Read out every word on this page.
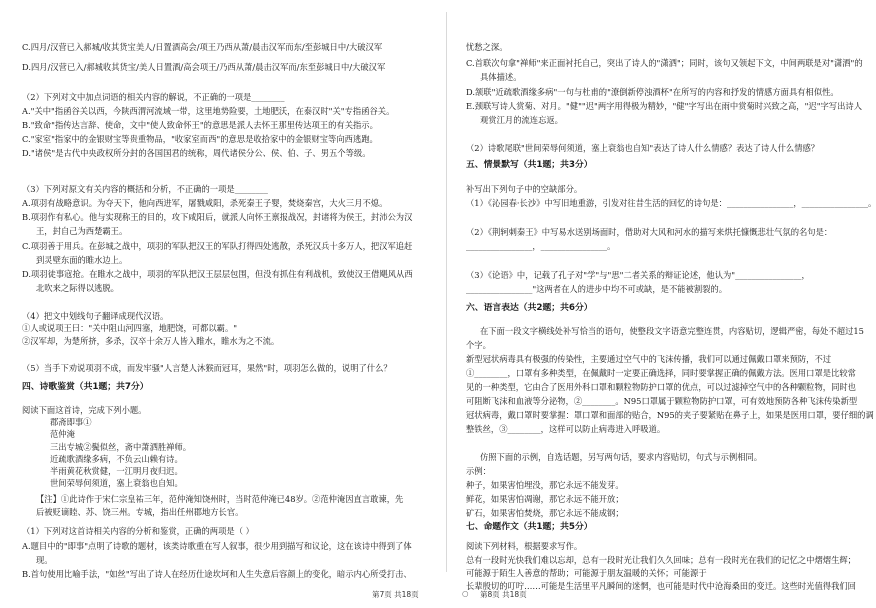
C.四月/汉营已入郝城/收其货宝美人/日置酒高会/项王乃西从萧/晨击汉军而东/至彭城日中/大破汉军
D.四月/汉营已入/郝城收其货宝/美人日置酒/高会项王/乃西从萧/晨击汉军而/东至彭城日中/大破汉军
（2）下列对文中加点词语的相关内容的解说，不正确的一项是________
A."关中"指函谷关以西，今陕西渭河流域一带，这里地势险要，土地肥沃，在泰汉时"关"专指函谷关。
B."致命"指传达言辞、使命，文中"使人致命怀王"的意思是派人去怀王那里传达项王的有关指示。
C."家室"指家中的金银财宝等贵重物品，"收家室而西"的意思是收拾家中的金银财宝等向西逃跑。
D."诸侯"是古代中央政权所分封的各国国君的统称，周代诸侯分公、侯、伯、子、男五个等级。
（3）下列对原文有关内容的概括和分析，不正确的一项是________
A.项羽有战略意识。为夺天下，他向西进军，屠戮咸阳，杀死秦王子婴，焚烧秦宫，大火三月不熄。
B.项羽作有私心。他与实现称王的目的，攻下咸阳后，就派人向怀王禀报战况，封诸将为侯王，封沛公为汉
王，封自己为西楚霸王。
C.项羽善于用兵。在彭城之战中，项羽的军队把汉王的军队打得四处逃散，杀死汉兵十多万人，把汉军追赶
到灵壁东面的睢水边上。
D.项羽徒事寇抢。在睢水之战中，项羽的军队把汉王层层包围，但没有抓住有利战机，致使汉王借飓风从西
北吹来之际得以逃脱。
（4）把文中划线句子翻译成现代汉语。
①人或说项王曰："关中阻山河四塞，地肥饶，可都以霸。"
②汉军却，为楚所挤，多杀，汉卒十余万人皆入睢水，睢水为之不流。
（5）当手下劝说项羽不成，而发牢骚"人言楚人沐猴而冠耳，果然"时，项羽怎么做的，说明了什么？
四、诗歌鉴赏（共1题；共7分）
阅读下面这首诗，完成下列小题。
郡斋即事①
范仲淹
三出专城②鬓似丝，斋中萧洒胜禅师。
近疏歌酒缘多病，不负云山赖有诗。
半雨黄花秋赏健，一江明月夜归迟。
世间荣辱何须道，塞上衰翁也自知。
【注】①此诗作于宋仁宗皇祐三年，范仲淹知饶州时，当时范仲淹已48岁。②范仲淹因直言敢谏，先
后被贬谪睦、苏、饶三州。专城，指出任州郡地方长官。
（1）下列对这首诗相关内容的分析和鉴赏，正确的两项是（ ）
A.题目中的"即事"点明了诗歌的题材，该类诗歌重在写人叙事，很少用到描写和议论，这在该诗中得到了体
现。
B.首句使用比喻手法，"如丝"写出了诗人在经历仕途坎坷和人生失意后容颜上的变化，暗示内心所受打击、
忧愁之深。
C.首联次句拿"禅师"来正面衬托自己，突出了诗人的"潇洒"；同时，该句又领起下文，中间两联是对"潇洒"的
具体描述。
D.颔联"近疏歌酒缘多病"一句与杜甫的"潦倒新停浊酒杯"在所写的内容和抒发的情感方面具有相似性。
E.颈联写诗人赏菊、对月。"健""迟"两字用得极为精妙，"健"字写出在雨中赏菊时兴致之高，"迟"字写出诗人
观赏江月的流连忘返。
（2）诗歌尾联"世间荣辱何须道，塞上衰翁也自知"表达了诗人什么情感？表达了诗人什么情感？
五、情景默写（共1题；共3分）
补写出下列句子中的空缺部分。
（1）《沁园春·长沙》中写旧地重游，引发对往昔生活的回忆的诗句是：________________，________________。
（2）《荆轲刺秦王》中写易水送别场面时，借助对大风和河水的描写来烘托慷慨悲壮气氛的名句是：
________________，________________。
（3）《论语》中，记载了孔子对"学"与"思"二者关系的辩证论述，他认为"________________，
________________"这两者在人的进步中均不可或缺，是不能被割裂的。
六、语言表达（共2题；共6分）
在下面一段文字横线处补写恰当的语句，使整段文字语意完整连贯，内容贴切，逻辑严密，每处不超过15
个字。
新型冠状病毒具有极强的传染性，主要通过空气中的飞沫传播，我们可以通过佩戴口罩来预防，不过
①________，口罩有多种类型，在佩戴时一定要正确选择，同时要掌握正确的佩戴方法。医用口罩是比较常
见的一种类型，它由合了医用外科口罩和颗粒物防护口罩的优点，可以过滤掉空气中的各种颗粒物，同时也
可阻断飞沫和血液等分泌物，②________。N95口罩属于颗粒物防护口罩，可有效地预防各种飞沫传染新型
冠状病毒，戴口罩时要掌握：罩口罩和面部的贴合，N95的夹子要紧贴在鼻子上，如果是医用口罩，要仔细的调
整铁丝，③________，这样可以防止病毒进入呼吸道。
仿照下面的示例，自选话题，另写两句话，要求内容贴切，句式与示例相同。
示例：
种子，如果害怕埋没，那它永远不能发芽。
鲜花，如果害怕凋谢，那它永远不能开放；
矿石，如果害怕焚烧，那它永远不能成钢；
七、命题作文（共1题；共5分）
阅读下列材料，根据要求写作。
总有一段时光快我们难以忘却，总有一段时光让我们久久回味；总有一段时光在我们的记忆之中熠熠生辉；
可能源于陌生人善意的帮助；可能源于朋友温暖的关怀；可能源于
长辈殷切的叮咛……可能是生活里平凡瞬间的迷惘，也可能是时代中沧海桑田的变迁。这些时光值得我们回
第7页 共18页	○ 第8页 共18页
